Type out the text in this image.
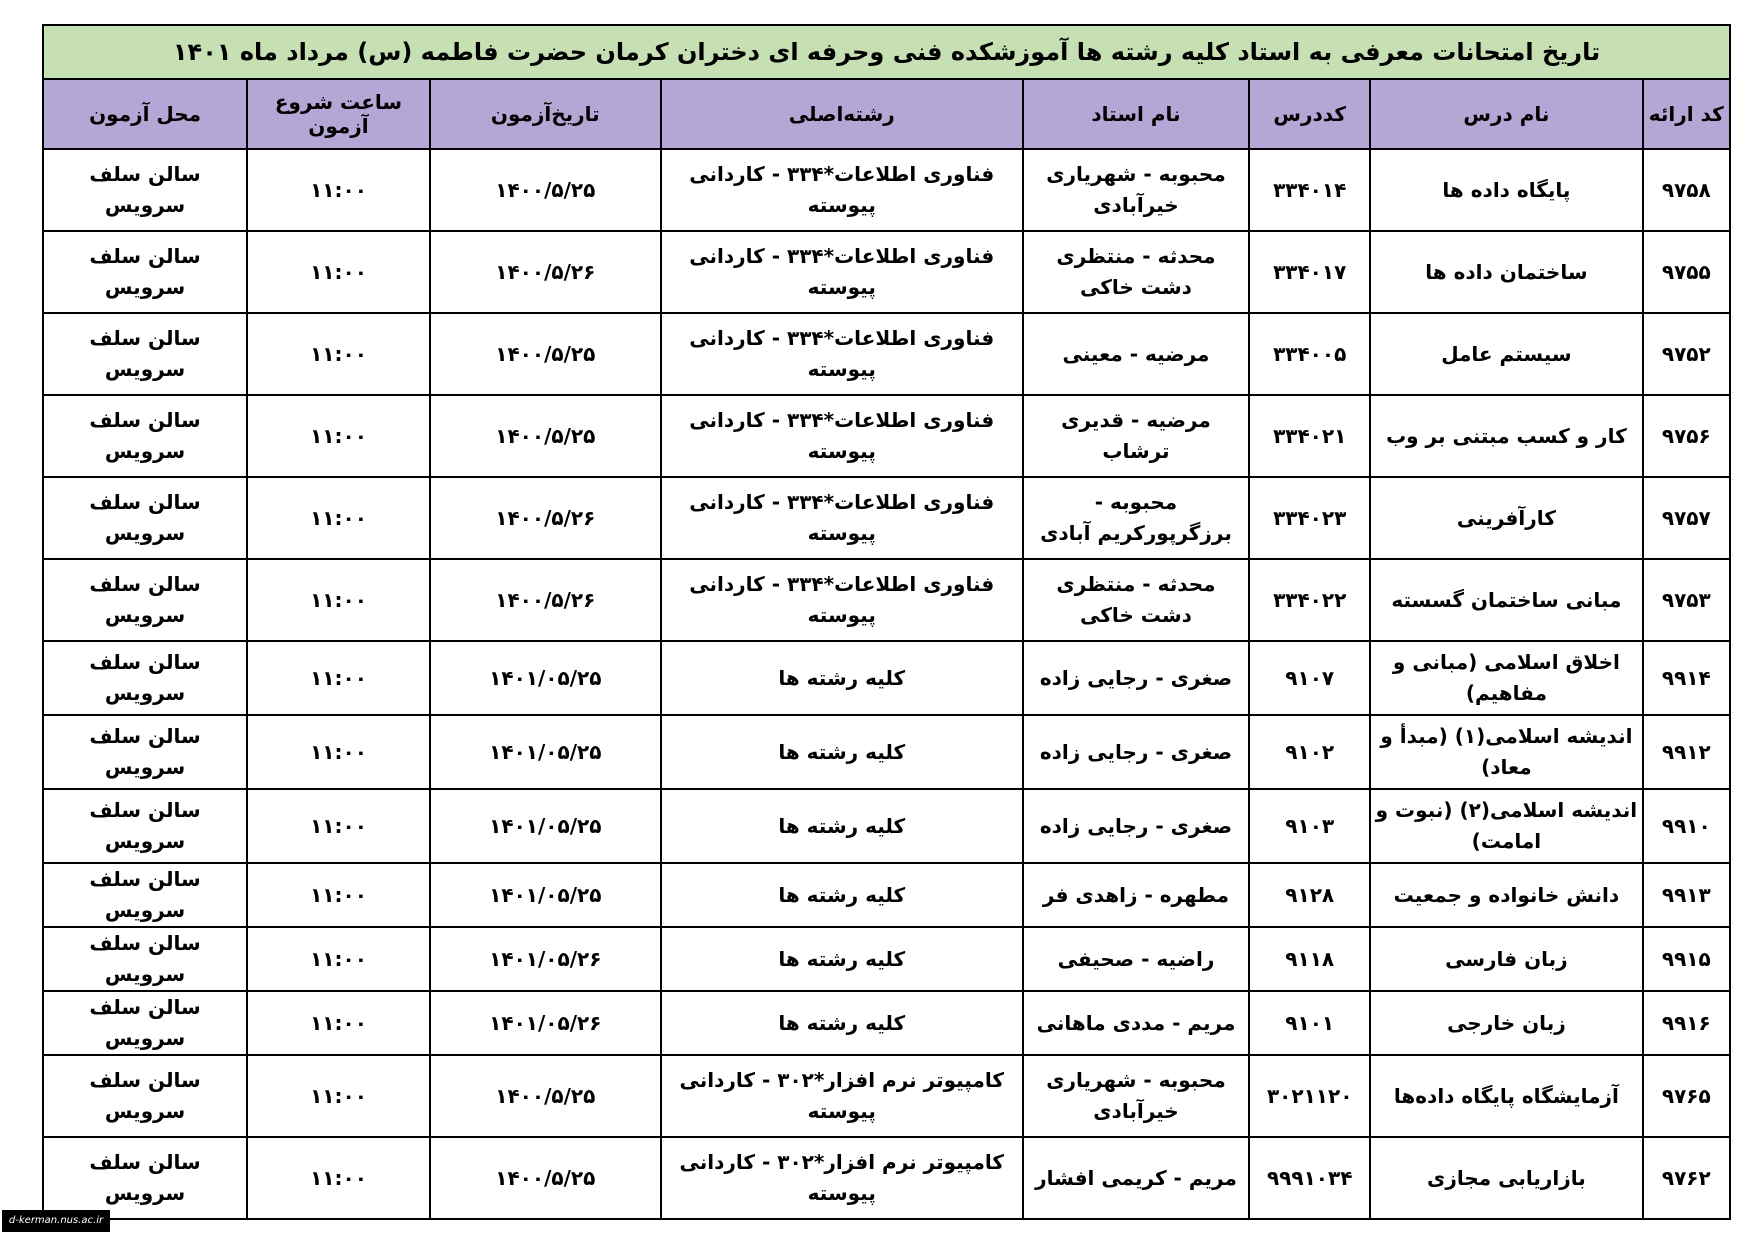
تاریخ امتحانات معرفی به استاد کلیه رشته ها آموزشکده فنی وحرفه ای دختران کرمان حضرت فاطمه (س) مرداد ماه ۱۴۰۱							
کد ارائه	نام درس	کددرس	نام استاد	رشته‌اصلی	تاریخ‌آزمون	ساعت شروع آزمون	محل آزمون
۹۷۵۸	پایگاه داده ها	۳۳۴۰۱۴	محبوبه - شهریاری خیرآبادی	فناوری اطلاعات*۳۳۴ - کاردانی پیوسته	۱۴۰۰/۵/۲۵	۱۱:۰۰	سالن سلف سرویس
۹۷۵۵	ساختمان داده ها	۳۳۴۰۱۷	محدثه - منتظری دشت خاکی	فناوری اطلاعات*۳۳۴ - کاردانی پیوسته	۱۴۰۰/۵/۲۶	۱۱:۰۰	سالن سلف سرویس
۹۷۵۲	سیستم عامل	۳۳۴۰۰۵	مرضیه - معینی	فناوری اطلاعات*۳۳۴ - کاردانی پیوسته	۱۴۰۰/۵/۲۵	۱۱:۰۰	سالن سلف سرویس
۹۷۵۶	کار و کسب مبتنی بر وب	۳۳۴۰۲۱	مرضیه - قدیری ترشاب	فناوری اطلاعات*۳۳۴ - کاردانی پیوسته	۱۴۰۰/۵/۲۵	۱۱:۰۰	سالن سلف سرویس
۹۷۵۷	کارآفرینی	۳۳۴۰۲۳	محبوبه - برزگرپورکریم آبادی	فناوری اطلاعات*۳۳۴ - کاردانی پیوسته	۱۴۰۰/۵/۲۶	۱۱:۰۰	سالن سلف سرویس
۹۷۵۳	مبانی ساختمان گسسته	۳۳۴۰۲۲	محدثه - منتظری دشت خاکی	فناوری اطلاعات*۳۳۴ - کاردانی پیوسته	۱۴۰۰/۵/۲۶	۱۱:۰۰	سالن سلف سرویس
۹۹۱۴	اخلاق اسلامی (مبانی و مفاهیم)	۹۱۰۷	صغری - رجایی زاده	کلیه رشته ها	۱۴۰۱/۰۵/۲۵	۱۱:۰۰	سالن سلف سرویس
۹۹۱۲	اندیشه اسلامی(۱) (مبدأ و معاد)	۹۱۰۲	صغری - رجایی زاده	کلیه رشته ها	۱۴۰۱/۰۵/۲۵	۱۱:۰۰	سالن سلف سرویس
۹۹۱۰	اندیشه اسلامی(۲) (نبوت و امامت)	۹۱۰۳	صغری - رجایی زاده	کلیه رشته ها	۱۴۰۱/۰۵/۲۵	۱۱:۰۰	سالن سلف سرویس
۹۹۱۳	دانش خانواده و جمعیت	۹۱۲۸	مطهره - زاهدی فر	کلیه رشته ها	۱۴۰۱/۰۵/۲۵	۱۱:۰۰	سالن سلف سرویس
۹۹۱۵	زبان فارسی	۹۱۱۸	راضیه - صحیفی	کلیه رشته ها	۱۴۰۱/۰۵/۲۶	۱۱:۰۰	سالن سلف سرویس
۹۹۱۶	زبان خارجی	۹۱۰۱	مریم - مددی ماهانی	کلیه رشته ها	۱۴۰۱/۰۵/۲۶	۱۱:۰۰	سالن سلف سرویس
۹۷۶۵	آزمایشگاه پایگاه داده‌ها	۳۰۲۱۱۲۰	محبوبه - شهریاری خیرآبادی	کامپیوتر نرم افزار*۳۰۲ - کاردانی پیوسته	۱۴۰۰/۵/۲۵	۱۱:۰۰	سالن سلف سرویس
۹۷۶۲	بازاریابی مجازی	۹۹۹۱۰۳۴	مریم - کریمی افشار	کامپیوتر نرم افزار*۳۰۲ - کاردانی پیوسته	۱۴۰۰/۵/۲۵	۱۱:۰۰	سالن سلف سرویس
d-kerman.nus.ac.ir
